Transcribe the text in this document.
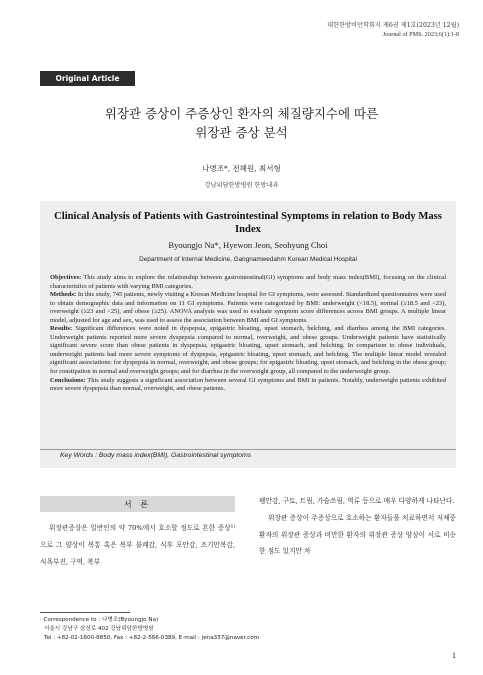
대한한방비만학회지 제6권 제1호(2023년 12월)
Journal of PMS. 2023;6(1):1-8
Original Article
위장관 증상이 주증상인 환자의 체질량지수에 따른
위장관 증상 분석
나병조*, 전혜원, 최서형
강남위담한방병원 한방내과
Clinical Analysis of Patients with Gastrointestinal Symptoms in relation to Body Mass Index
Byoungjo Na*, Hyewon Jeon, Seohyung Choi
Department of Internal Medicine, Gangnamwedahm Korean Medical Hospital

Objectives: This study aims to explore the relationship between gastrointestinal(GI) symptoms and body mass index(BMI), focusing on the clinical characteristics of patients with varying BMI categories.

Methods: In this study, 745 patients, newly visiting a Korean Medicine hospital for GI symptoms, were assessed. Standardized questionnaires were used to obtain demographic data and information on 11 GI symptoms. Patients were categorized by BMI: underweight (<18.5), normal (≥18.5 and <23), overweight (≥23 and <25), and obese (≥25). ANOVA analysis was used to evaluate symptom score differences across BMI groups. A multiple linear model, adjusted for age and sex, was used to assess the association between BMI and GI symptoms.

Results: Significant differences were noted in dyspepsia, epigastric bloating, upset stomach, belching, and diarrhea among the BMI categories. Underweight patients reported more severe dyspepsia compared to normal, overweight, and obese groups. Underweight patients have statistically significant severe score than obese patients in dyspepsia, epigastric bloating, upset stomach, and belching. In comparison to obese individuals, underweight patients had more severe symptoms of dyspepsia, epigastric bloating, upset stomach, and belching. The multiple linear model revealed significant associations: for dyspepsia in normal, overweight, and obese groups; for epigastric bloating, upset stomach, and belching in the obese group; for constipation in normal and overweight groups; and for diarrhea in the overweight group, all compared to the underweight group.

Conclusions: This study suggests a significant association between several GI symptoms and BMI in patients. Notably, underweight patients exhibited more severe dyspepsia than normal, overweight, and obese patients.

Key Words : Body mass index(BMI), Gastrointestinal symptoms
서 론
위장관증상은 일반인의 약 70%에서 호소할 정도로 흔한 증상¹⁾으로 그 양상이 복통 혹은 복부 불쾌감, 식후 포만감, 조기만복감, 식욕부진, 구역, 복부
팽만감, 구토, 트림, 가슴쓰림, 역류 등으로 매우 다양하게 나타난다.
위장관 증상이 주증상으로 호소하는 환자들을 치료하면서 저체중 환자의 위장관 증상과 비만한 환자의 위장관 증상 양상이 서로 비슷한 점도 있지만 차
· Correspondence to : 나병조(Byoungjo Na)
서울시 강남구 삼성로 402 강남위담한방병원
Tel : +82-02-1600-8850, Fax : +82-2-566-0389, E-mail : jena337@naver.com
1
